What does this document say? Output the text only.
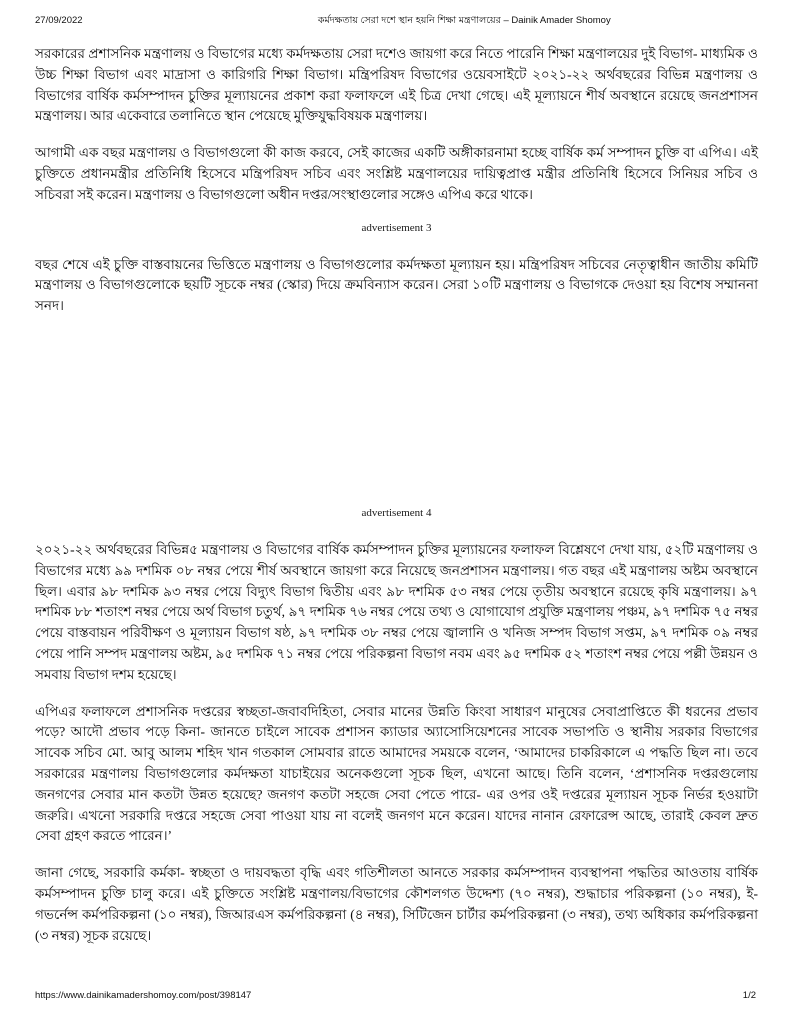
27/09/2022	কর্মদক্ষতায় সেরা দশে স্থান হয়নি শিক্ষা মন্ত্রণালয়ের – Dainik Amader Shomoy

সরকারের প্রশাসনিক মন্ত্রণালয় ও বিভাগের মধ্যে কর্মদক্ষতায় সেরা দশেও জায়গা করে নিতে পারেনি শিক্ষা মন্ত্রণালয়ের দুই বিভাগ- মাধ্যমিক ও উচ্চ শিক্ষা বিভাগ এবং মাদ্রাসা ও কারিগরি শিক্ষা বিভাগ। মন্ত্রিপরিষদ বিভাগের ওয়েবসাইটে ২০২১-২২ অর্থবছরের বিভিন্ন মন্ত্রণালয় ও বিভাগের বার্ষিক কর্মসম্পাদন চুক্তির মূল্যায়নের প্রকাশ করা ফলাফলে এই চিত্র দেখা গেছে। এই মূল্যায়নে শীর্ষ অবস্থানে রয়েছে জনপ্রশাসন মন্ত্রণালয়। আর একেবারে তলানিতে স্থান পেয়েছে মুক্তিযুদ্ধবিষয়ক মন্ত্রণালয়।

আগামী এক বছর মন্ত্রণালয় ও বিভাগগুলো কী কাজ করবে, সেই কাজের একটি অঙ্গীকারনামা হচ্ছে বার্ষিক কর্ম সম্পাদন চুক্তি বা এপিএ। এই চুক্তিতে প্রধানমন্ত্রীর প্রতিনিধি হিসেবে মন্ত্রিপরিষদ সচিব এবং সংশ্লিষ্ট মন্ত্রণালয়ের দায়িত্বপ্রাপ্ত মন্ত্রীর প্রতিনিধি হিসেবে সিনিয়র সচিব ও সচিবরা সই করেন। মন্ত্রণালয় ও বিভাগগুলো অধীন দপ্তর/সংস্থাগুলোর সঙ্গেও এপিএ করে থাকে।

advertisement 3

বছর শেষে এই চুক্তি বাস্তবায়নের ভিত্তিতে মন্ত্রণালয় ও বিভাগগুলোর কর্মদক্ষতা মূল্যায়ন হয়। মন্ত্রিপরিষদ সচিবের নেতৃত্বাধীন জাতীয় কমিটি মন্ত্রণালয় ও বিভাগগুলোকে ছয়টি সূচকে নম্বর (স্কোর) দিয়ে ক্রমবিন্যাস করেন। সেরা ১০টি মন্ত্রণালয় ও বিভাগকে দেওয়া হয় বিশেষ সম্মাননা সনদ।

advertisement 4

২০২১-২২ অর্থবছরের বিভিন্ন৫ মন্ত্রণালয় ও বিভাগের বার্ষিক কর্মসম্পাদন চুক্তির মূল্যায়নের ফলাফল বিশ্লেষণে দেখা যায়, ৫২টি মন্ত্রণালয় ও বিভাগের মধ্যে ৯৯ দশমিক ০৮ নম্বর পেয়ে শীর্ষ অবস্থানে জায়গা করে নিয়েছে জনপ্রশাসন মন্ত্রণালয়। গত বছর এই মন্ত্রণালয় অষ্টম অবস্থানে ছিল। এবার ৯৮ দশমিক ৯৩ নম্বর পেয়ে বিদ্যুৎ বিভাগ দ্বিতীয় এবং ৯৮ দশমিক ৫৩ নম্বর পেয়ে তৃতীয় অবস্থানে রয়েছে কৃষি মন্ত্রণালয়। ৯৭ দশমিক ৮৮ শতাংশ নম্বর পেয়ে অর্থ বিভাগ চতুর্থ, ৯৭ দশমিক ৭৬ নম্বর পেয়ে তথ্য ও যোগাযোগ প্রযুক্তি মন্ত্রণালয় পঞ্চম, ৯৭ দশমিক ৭৫ নম্বর পেয়ে বাস্তবায়ন পরিবীক্ষণ ও মূল্যায়ন বিভাগ ষষ্ঠ, ৯৭ দশমিক ৩৮ নম্বর পেয়ে জ্বালানি ও খনিজ সম্পদ বিভাগ সপ্তম, ৯৭ দশমিক ০৯ নম্বর পেয়ে পানি সম্পদ মন্ত্রণালয় অষ্টম, ৯৫ দশমিক ৭১ নম্বর পেয়ে পরিকল্পনা বিভাগ নবম এবং ৯৫ দশমিক ৫২ শতাংশ নম্বর পেয়ে পল্লী উন্নয়ন ও সমবায় বিভাগ দশম হয়েছে।

এপিএর ফলাফলে প্রশাসনিক দপ্তরের স্বচ্ছতা-জবাবদিহিতা, সেবার মানের উন্নতি কিংবা সাধারণ মানুষের সেবাপ্রাপ্তিতে কী ধরনের প্রভাব পড়ে? আদৌ প্রভাব পড়ে কিনা- জানতে চাইলে সাবেক প্রশাসন ক্যাডার অ্যাসোসিয়েশনের সাবেক সভাপতি ও স্থানীয় সরকার বিভাগের সাবেক সচিব মো. আবু আলম শহিদ খান গতকাল সোমবার রাতে আমাদের সময়কে বলেন, ‘আমাদের চাকরিকালে এ পদ্ধতি ছিল না। তবে সরকারের মন্ত্রণালয় বিভাগগুলোর কর্মদক্ষতা যাচাইয়ের অনেকগুলো সূচক ছিল, এখনো আছে। তিনি বলেন, ‘প্রশাসনিক দপ্তরগুলোয় জনগণের সেবার মান কতটা উন্নত হয়েছে? জনগণ কতটা সহজে সেবা পেতে পারে- এর ওপর ওই দপ্তরের মূল্যায়ন সূচক নির্ভর হওয়াটা জরুরি। এখনো সরকারি দপ্তরে সহজে সেবা পাওয়া যায় না বলেই জনগণ মনে করেন। যাদের নানান রেফারেন্স আছে, তারাই কেবল দ্রুত সেবা গ্রহণ করতে পারেন।’

জানা গেছে, সরকারি কর্মকা- স্বচ্ছতা ও দায়বদ্ধতা বৃদ্ধি এবং গতিশীলতা আনতে সরকার কর্মসম্পাদন ব্যবস্থাপনা পদ্ধতির আওতায় বার্ষিক কর্মসম্পাদন চুক্তি চালু করে। এই চুক্তিতে সংশ্লিষ্ট মন্ত্রণালয়/বিভাগের কৌশলগত উদ্দেশ্য (৭০ নম্বর), শুদ্ধাচার পরিকল্পনা (১০ নম্বর), ই-গভর্নেন্স কর্মপরিকল্পনা (১০ নম্বর), জিআরএস কর্মপরিকল্পনা (৪ নম্বর), সিটিজেন চার্টার কর্মপরিকল্পনা (৩ নম্বর), তথ্য অধিকার কর্মপরিকল্পনা (৩ নম্বর) সূচক রয়েছে।

https://www.dainikamadershomoy.com/post/398147	1/2
